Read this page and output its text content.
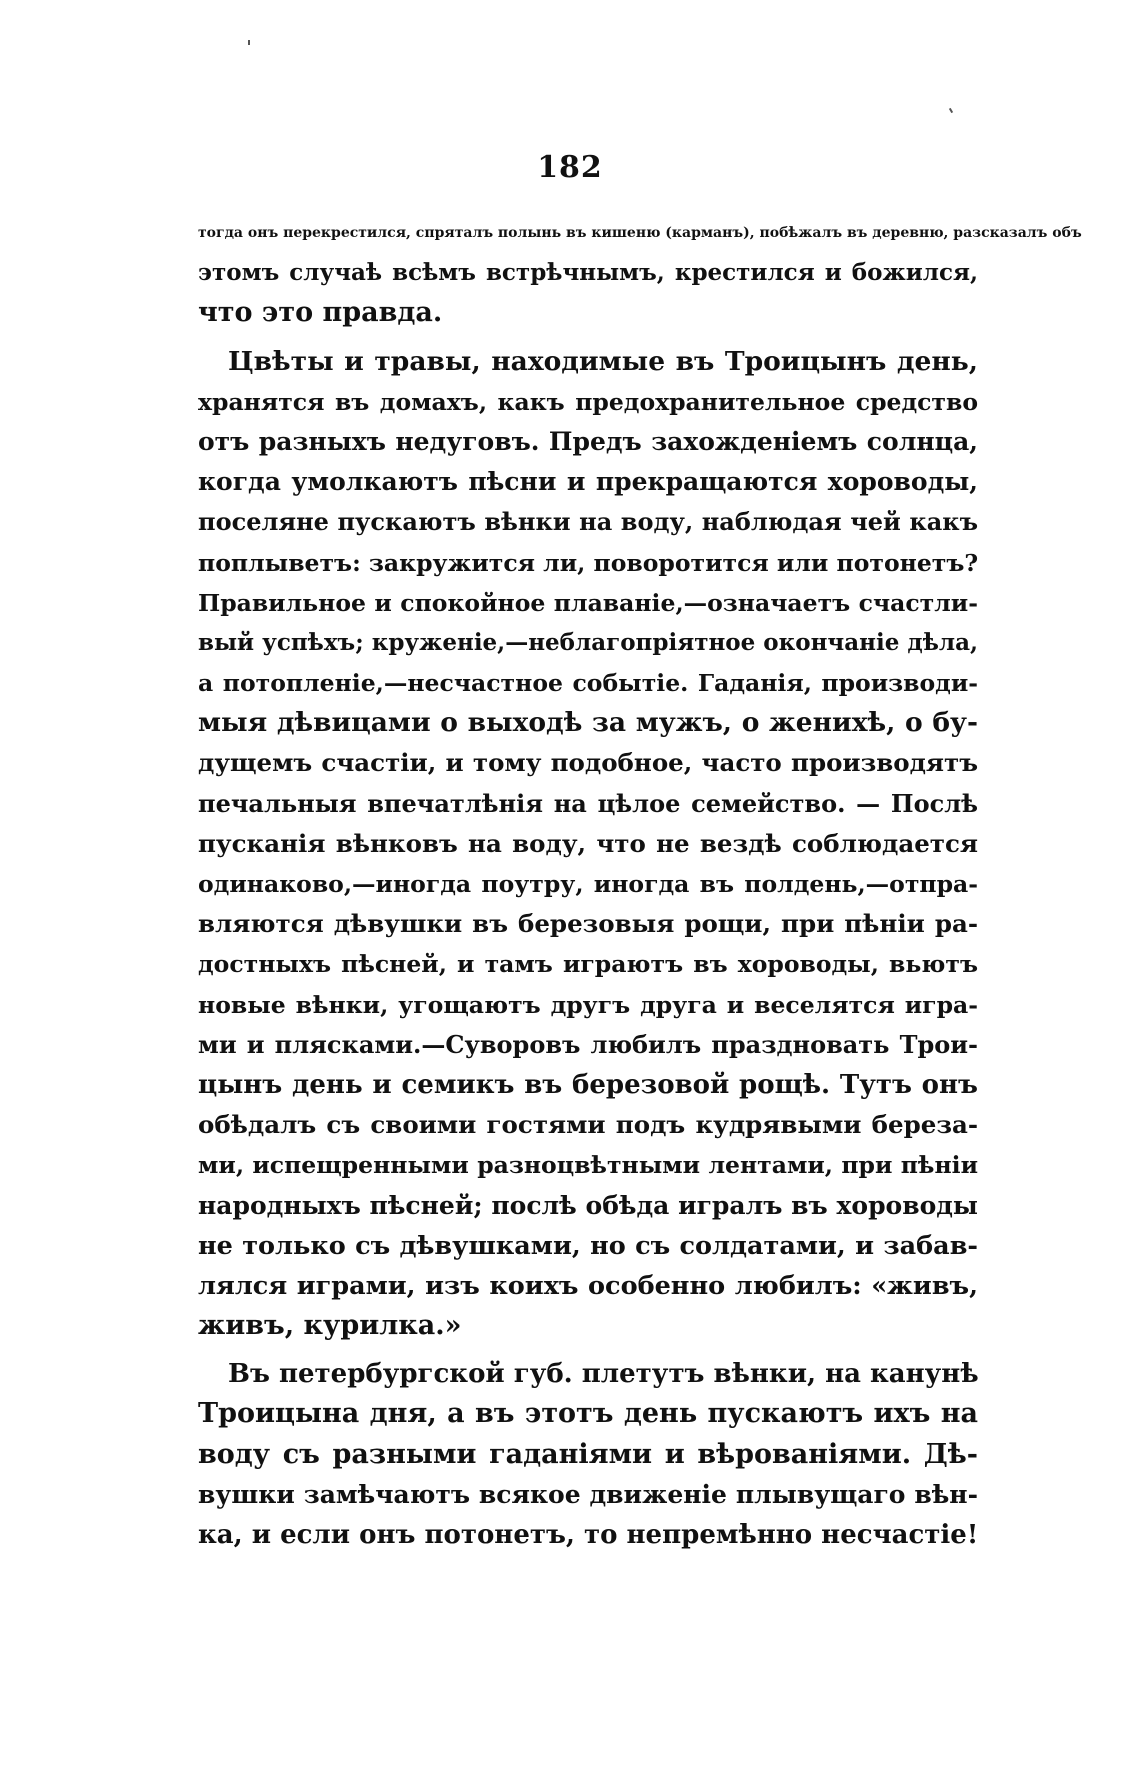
182
тогда онъ перекрестился, спряталъ полынь въ кишеню (карманъ), побѣжалъ въ деревню, разсказалъ объ
этомъ случаѣ всѣмъ встрѣчнымъ, крестился и божился,
что это правда.
Цвѣты и травы, находимые въ Троицынъ день,
хранятся въ домахъ, какъ предохранительное средство
отъ разныхъ недуговъ. Предъ захожденіемъ солнца,
когда умолкаютъ пѣсни и прекращаются хороводы,
поселяне пускаютъ вѣнки на воду, наблюдая чей какъ
поплыветъ: закружится ли, поворотится или потонетъ?
Правильное и спокойное плаваніе,—означаетъ счастли-
вый успѣхъ; круженіе,—неблагопріятное окончаніе дѣла,
а потопленіе,—несчастное событіе. Гаданія, производи-
мыя дѣвицами о выходѣ за мужъ, о женихѣ, о бу-
дущемъ счастіи, и тому подобное, часто производятъ
печальныя впечатлѣнія на цѣлое семейство. — Послѣ
пусканія вѣнковъ на воду, что не вездѣ соблюдается
одинаково,—иногда поутру, иногда въ полдень,—отпра-
вляются дѣвушки въ березовыя рощи, при пѣніи ра-
достныхъ пѣсней, и тамъ играютъ въ хороводы, вьютъ
новые вѣнки, угощаютъ другъ друга и веселятся игра-
ми и плясками.—Суворовъ любилъ праздновать Трои-
цынъ день и семикъ въ березовой рощѣ. Тутъ онъ
обѣдалъ съ своими гостями подъ кудрявыми береза-
ми, испещренными разноцвѣтными лентами, при пѣніи
народныхъ пѣсней; послѣ обѣда игралъ въ хороводы
не только съ дѣвушками, но съ солдатами, и забав-
лялся играми, изъ коихъ особенно любилъ: «живъ,
живъ, курилка.»
Въ петербургской губ. плетутъ вѣнки, на канунѣ
Троицына дня, а въ этотъ день пускаютъ ихъ на
воду съ разными гаданіями и вѣрованіями. Дѣ-
вушки замѣчаютъ всякое движеніе плывущаго вѣн-
ка, и если онъ потонетъ, то непремѣнно несчастіе!
